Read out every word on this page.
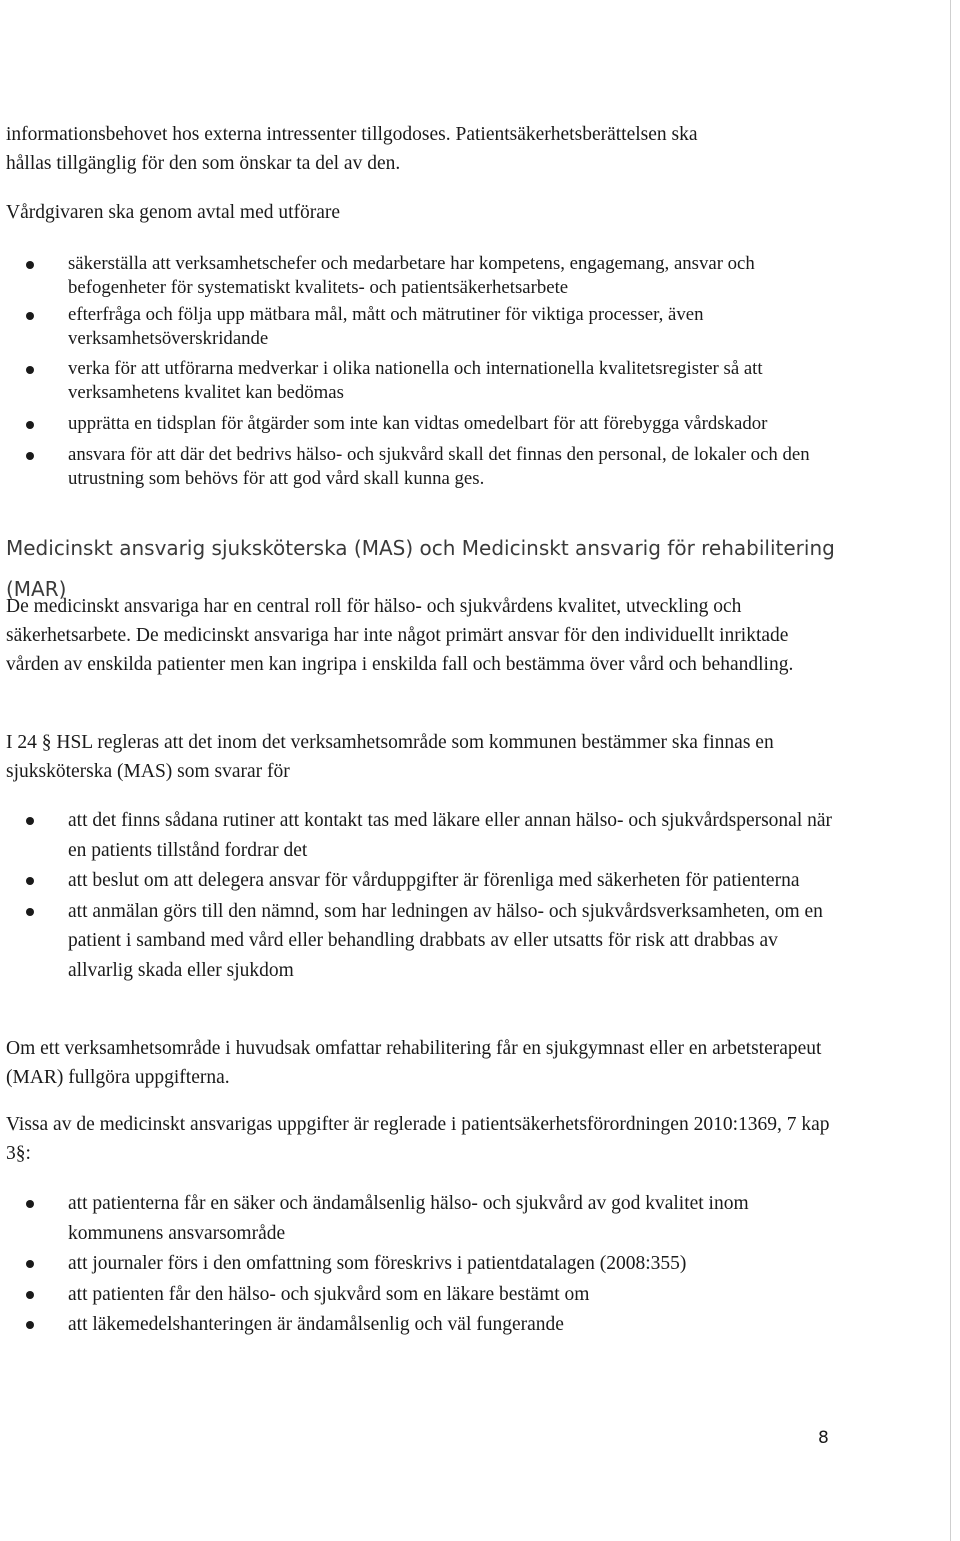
informationsbehovet hos externa intressenter tillgodoses. Patientsäkerhetsberättelsen ska

hållas tillgänglig för den som önskar ta del av den.

Vårdgivaren ska genom avtal med utförare

säkerställa att verksamhetschefer och medarbetare har kompetens, engagemang, ansvar och befogenheter för systematiskt kvalitets- och patientsäkerhetsarbete
efterfråga och följa upp mätbara mål, mått och mätrutiner för viktiga processer, även verksamhetsöverskridande
verka för att utförarna medverkar i olika nationella och internationella kvalitetsregister så att verksamhetens kvalitet kan bedömas
upprätta en tidsplan för åtgärder som inte kan vidtas omedelbart för att förebygga vårdskador
ansvara för att där det bedrivs hälso- och sjukvård skall det finnas den personal, de lokaler och den utrustning som behövs för att god vård skall kunna ges.
Medicinskt ansvarig sjuksköterska (MAS) och Medicinskt ansvarig för rehabilitering (MAR)

De medicinskt ansvariga har en central roll för hälso- och sjukvårdens kvalitet, utveckling och säkerhetsarbete. De medicinskt ansvariga har inte något primärt ansvar för den individuellt inriktade vården av enskilda patienter men kan ingripa i enskilda fall och bestämma över vård och behandling.

I 24 § HSL regleras att det inom det verksamhetsområde som kommunen bestämmer ska finnas en sjuksköterska (MAS) som svarar för

att det finns sådana rutiner att kontakt tas med läkare eller annan hälso- och sjukvårdspersonal när en patients tillstånd fordrar det
att beslut om att delegera ansvar för vårduppgifter är förenliga med säkerheten för patienterna
att anmälan görs till den nämnd, som har ledningen av hälso- och sjukvårdsverksamheten, om en patient i samband med vård eller behandling drabbats av eller utsatts för risk att drabbas av allvarlig skada eller sjukdom

Om ett verksamhetsområde i huvudsak omfattar rehabilitering får en sjukgymnast eller en arbetsterapeut (MAR) fullgöra uppgifterna.

Vissa av de medicinskt ansvarigas uppgifter är reglerade i patientsäkerhetsförordningen 2010:1369, 7 kap 3§:

att patienterna får en säker och ändamålsenlig hälso- och sjukvård av god kvalitet inom kommunens ansvarsområde
att journaler förs i den omfattning som föreskrivs i patientdatalagen (2008:355)
att patienten får den hälso- och sjukvård som en läkare bestämt om
att läkemedelshanteringen är ändamålsenlig och väl fungerande
8
